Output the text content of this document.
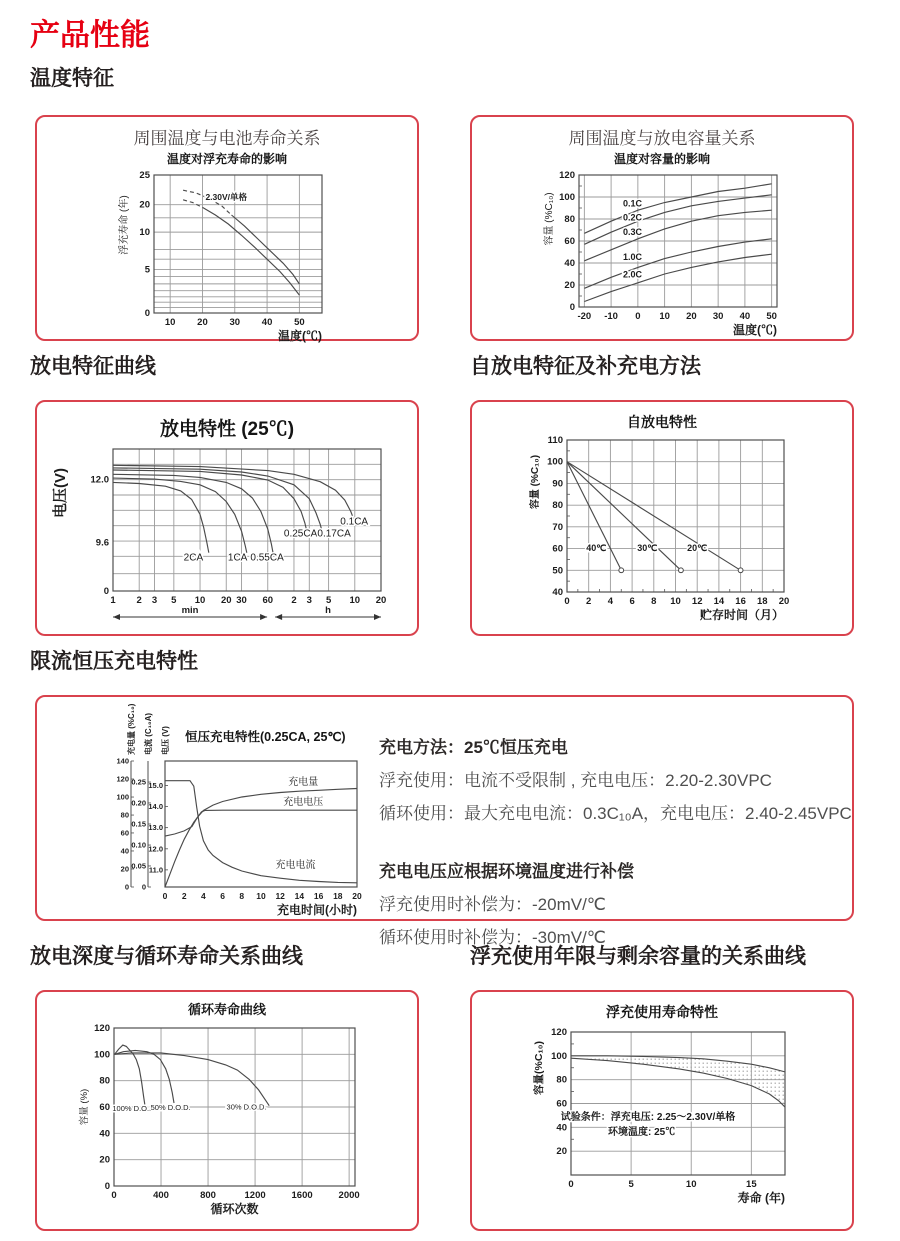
产品性能
温度特征
周围温度与电池寿命关系
温度对浮充寿命的影响
10 20 30 40 50
25
20
10
5
0
浮充寿命 (年)
温度(℃)
2.30V/单格
周围温度与放电容量关系
温度对容量的影响
-20 -10 0 10 20 30 40 50
0
20
40
60
80
100
120
容量 (%C₁₀)
温度(℃)
0.1C
0.2C
0.3C
1.0C
2.0C
放电特征曲线	自放电特征及补充电方法
放电特性 (25℃)
1 2 3 5 10 20 30 60 2 3 5 10 20
12.0
9.6
0
电压(V)
min	h
2CA 1CA 0.55CA
0.25CA 0.17CA
0.1CA
自放电特性
0 2 4 6 8 10 12 14 16 18 20
40
50
60
70
80
90
100
110
容量 (%C₁₀)
贮存时间（月）
40℃	30℃	20℃
限流恒压充电特性
0 2 4 6 8 10 12 14 16 18 20
充电时间(小时)
140
120
100
80
60
40
20
0
充电量 (%C₁₀)
0.25
0.20
0.15
0.10
0.05
0
电流 (C₁₀A)
15.0
14.0
13.0
12.0
11.0
电压 (V)
充电量
充电电压
充电电流
恒压充电特性(0.25CA, 25℃)
充电方法：25℃恒压充电
浮充使用：电流不受限制 , 充电电压：2.20-2.30VPC
循环使用：最大充电电流：0.3C₁₀A，充电电压：2.40-2.45VPC
充电电压应根据环境温度进行补偿
浮充使用时补偿为：-20mV/℃
循环使用时补偿为：-30mV/℃
放电深度与循环寿命关系曲线	浮充使用年限与剩余容量的关系曲线
循环寿命曲线
0	400	800	1200	1600	2000
0
20
40
60
80
100
120
容量 (%)
循环次数
100% D.O.D.
50% D.O.D.	30% D.O.D.
浮充使用寿命特性
0	5	10	15
20
40
60
80
100
120
容量(%C₁₀)
寿命 (年)
试验条件：浮充电压: 2.25～2.30V/单格
环境温度: 25℃
